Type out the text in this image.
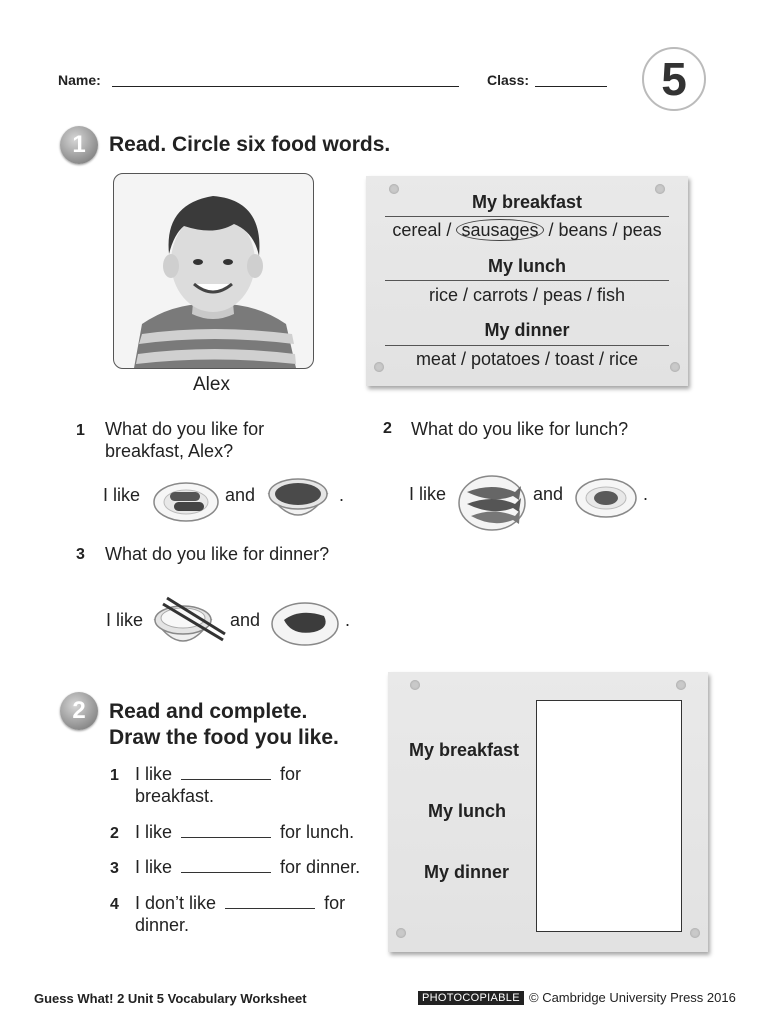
Name:	Class:	5
1	Read. Circle six food words.
Alex
My breakfast
cereal / sausages / beans / peas
My lunch
rice / carrots / peas / fish
My dinner
meat / potatoes / toast / rice
1 What do you like for
breakfast, Alex?
I like	and	.
2 What do you like for lunch?
I like	and	.
3 What do you like for dinner?
I like	and	.
2	Read and complete.
Draw the food you like.
1 I like	for
breakfast.
2 I like	for lunch.
3 I like	for dinner.
4 I don’t like	for
dinner.
My breakfast
My lunch
My dinner
Guess What! 2 Unit 5 Vocabulary Worksheet	PHOTOCOPIABLE © Cambridge University Press 2016
